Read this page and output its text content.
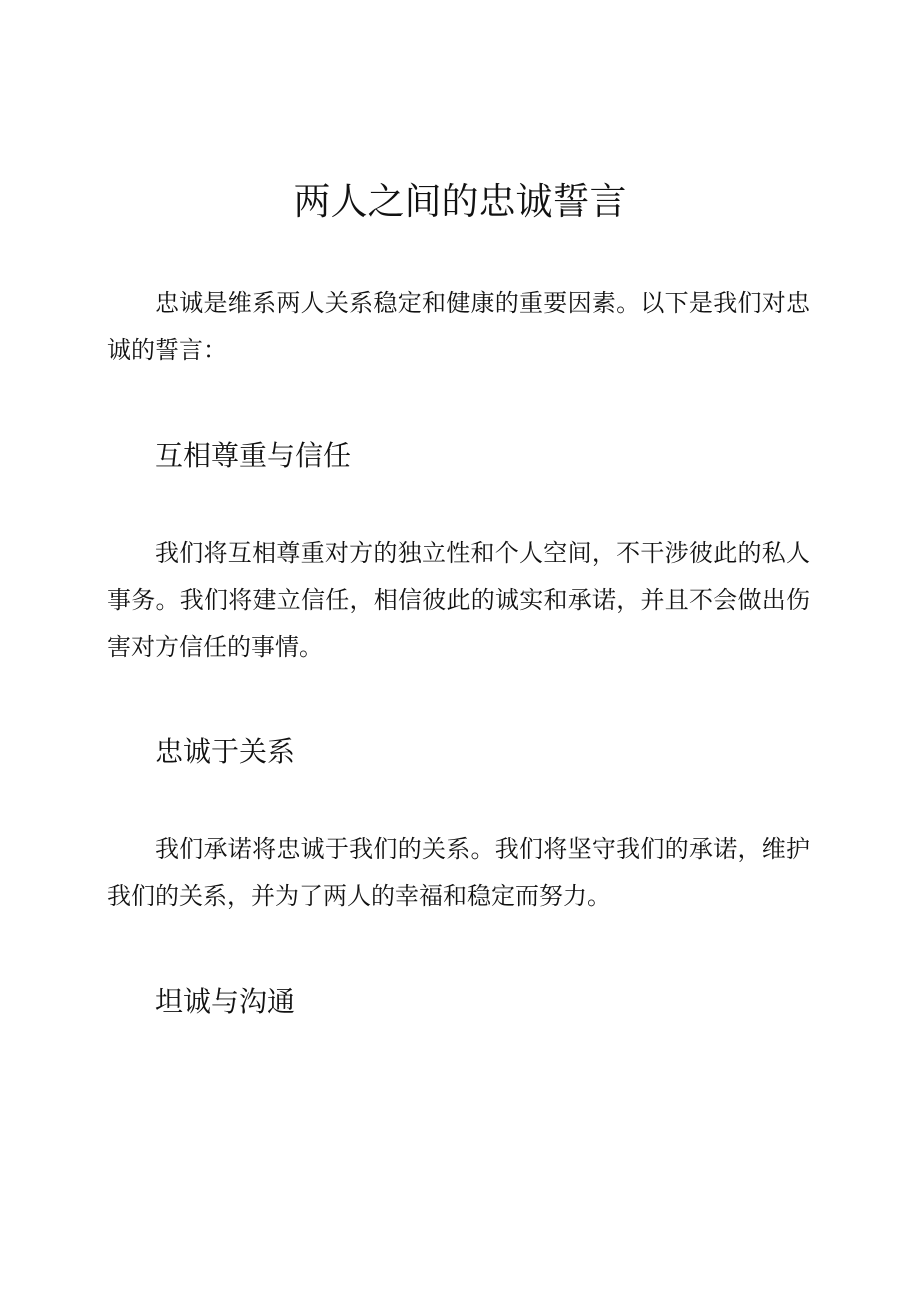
两人之间的忠诚誓言

忠诚是维系两人关系稳定和健康的重要因素。以下是我们对忠诚的誓言：

互相尊重与信任

我们将互相尊重对方的独立性和个人空间，不干涉彼此的私人事务。我们将建立信任，相信彼此的诚实和承诺，并且不会做出伤害对方信任的事情。

忠诚于关系

我们承诺将忠诚于我们的关系。我们将坚守我们的承诺，维护我们的关系，并为了两人的幸福和稳定而努力。

坦诚与沟通
